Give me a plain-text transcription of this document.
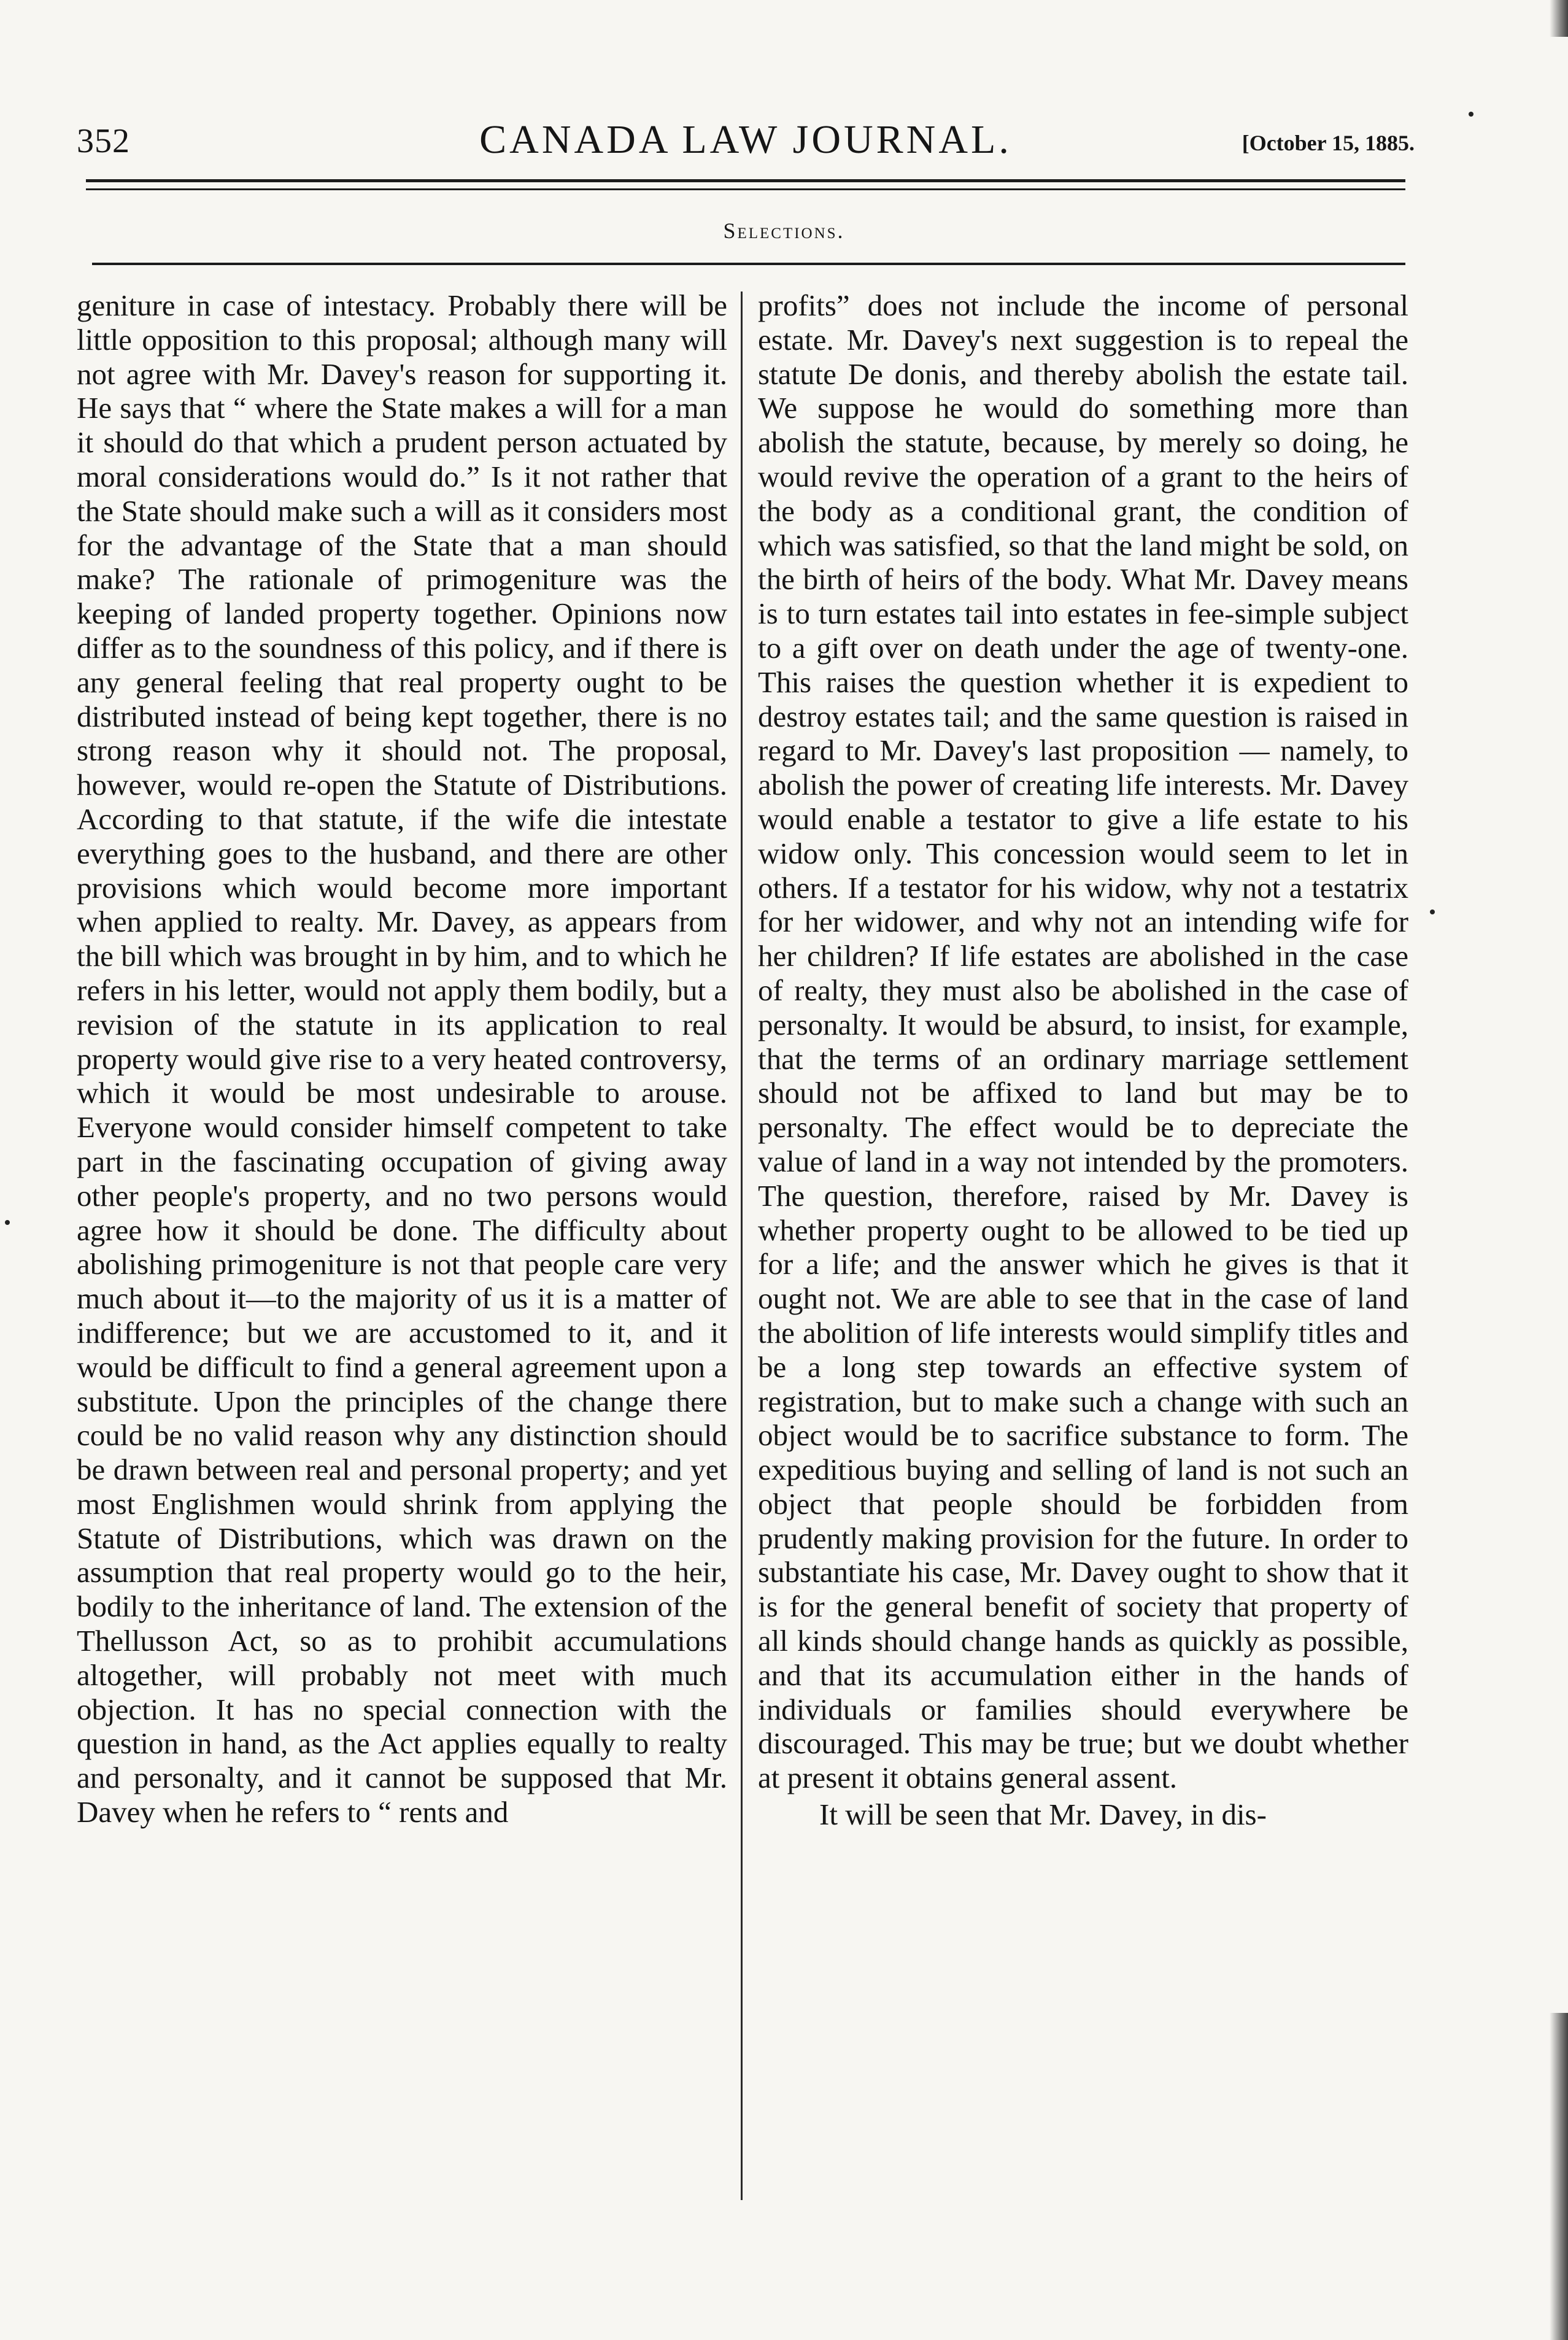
352	CANADA LAW JOURNAL.	[October 15, 1885.
Selections.

geniture in case of intestacy. Probably there will be little opposition to this proposal; although many will not agree with Mr. Davey's reason for supporting it. He says that “ where the State makes a will for a man it should do that which a prudent person actuated by moral considerations would do.” Is it not rather that the State should make such a will as it considers most for the advantage of the State that a man should make? The rationale of primogeniture was the keeping of landed property together. Opinions now differ as to the soundness of this policy, and if there is any general feeling that real property ought to be distributed instead of being kept together, there is no strong reason why it should not. The proposal, however, would re-open the Statute of Distributions. According to that statute, if the wife die intestate everything goes to the husband, and there are other provisions which would become more important when applied to realty. Mr. Davey, as appears from the bill which was brought in by him, and to which he refers in his letter, would not apply them bodily, but a revision of the statute in its application to real property would give rise to a very heated controversy, which it would be most undesirable to arouse. Everyone would consider himself competent to take part in the fascinating occupation of giving away other people's property, and no two persons would agree how it should be done. The difficulty about abolishing primogeniture is not that people care very much about it—to the majority of us it is a matter of indifference; but we are accustomed to it, and it would be difficult to find a general agreement upon a substitute. Upon the principles of the change there could be no valid reason why any distinction should be drawn between real and personal property; and yet most Englishmen would shrink from applying the Statute of Distributions, which was drawn on the assumption that real property would go to the heir, bodily to the inheritance of land. The extension of the Thellusson Act, so as to prohibit accumulations altogether, will probably not meet with much objection. It has no special connection with the question in hand, as the Act applies equally to realty and personalty, and it cannot be supposed that Mr. Davey when he refers to “ rents and

profits” does not include the income of personal estate. Mr. Davey's next suggestion is to repeal the statute De donis, and thereby abolish the estate tail. We suppose he would do something more than abolish the statute, because, by merely so doing, he would revive the operation of a grant to the heirs of the body as a conditional grant, the condition of which was satisfied, so that the land might be sold, on the birth of heirs of the body. What Mr. Davey means is to turn estates tail into estates in fee-simple subject to a gift over on death under the age of twenty-one. This raises the question whether it is expedient to destroy estates tail; and the same question is raised in regard to Mr. Davey's last proposition — namely, to abolish the power of creating life interests. Mr. Davey would enable a testator to give a life estate to his widow only. This concession would seem to let in others. If a testator for his widow, why not a testatrix for her widower, and why not an intending wife for her children? If life estates are abolished in the case of realty, they must also be abolished in the case of personalty. It would be absurd, to insist, for example, that the terms of an ordinary marriage settlement should not be affixed to land but may be to personalty. The effect would be to depreciate the value of land in a way not intended by the promoters. The question, therefore, raised by Mr. Davey is whether property ought to be allowed to be tied up for a life; and the answer which he gives is that it ought not. We are able to see that in the case of land the abolition of life interests would simplify titles and be a long step towards an effective system of registration, but to make such a change with such an object would be to sacrifice substance to form. The expeditious buying and selling of land is not such an object that people should be forbidden from prudently making provision for the future. In order to substantiate his case, Mr. Davey ought to show that it is for the general benefit of society that property of all kinds should change hands as quickly as possible, and that its accumulation either in the hands of individuals or families should everywhere be discouraged. This may be true; but we doubt whether at present it obtains general assent.

It will be seen that Mr. Davey, in dis-
